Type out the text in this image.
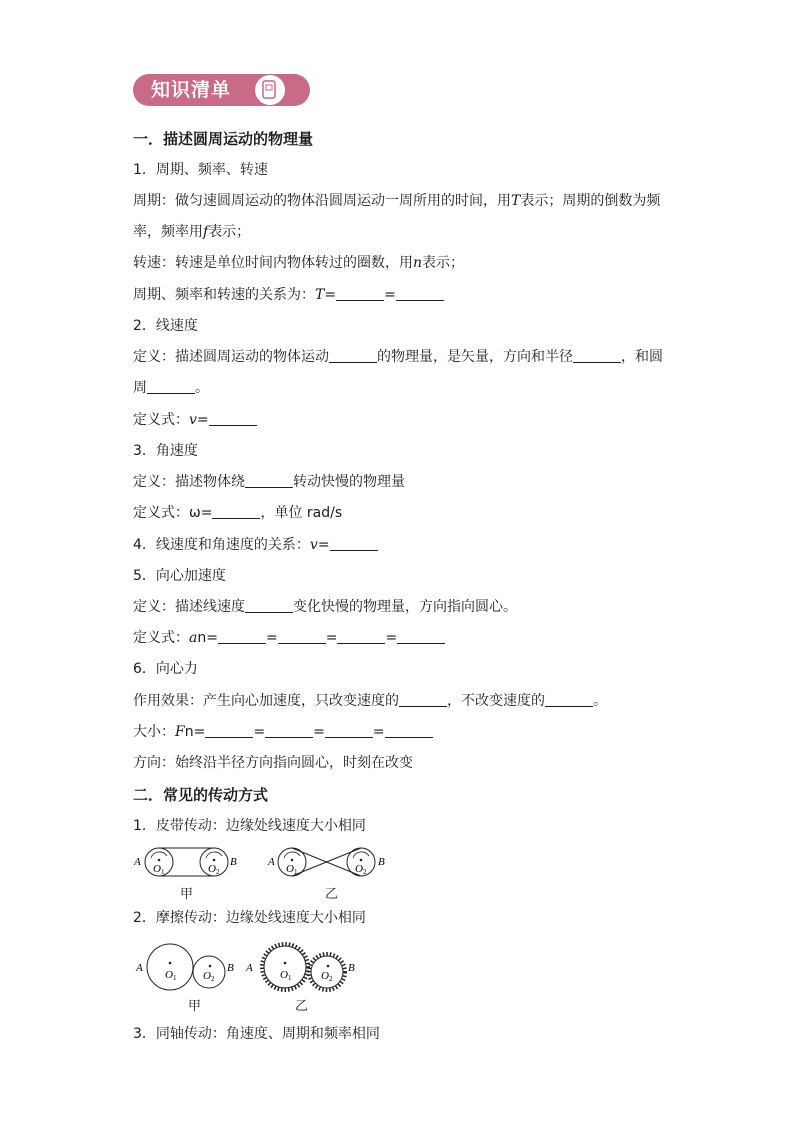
知识清单
一．描述圆周运动的物理量
1．周期、频率、转速
周期：做匀速圆周运动的物体沿圆周运动一周所用的时间，用T表示；周期的倒数为频
率，频率用f表示；
转速：转速是单位时间内物体转过的圈数，用n表示；
周期、频率和转速的关系为：T=	=
2．线速度
定义：描述圆周运动的物体运动	的物理量，是矢量，方向和半径	，和圆
周	。
定义式：v=
3．角速度
定义：描述物体绕	转动快慢的物理量
定义式：ω=	，单位 rad/s
4．线速度和角速度的关系：v=
5．向心加速度
定义：描述线速度	变化快慢的物理量，方向指向圆心。
定义式：an=	=	=	=
6．向心力
作用效果：产生向心加速度，只改变速度的	，不改变速度的	。
大小：Fn=	=	=	=
方向：始终沿半径方向指向圆心，时刻在改变
二．常见的传动方式
1．皮带传动：边缘处线速度大小相同
A	B
O 1	O 2
A	B
O 1	O 2
甲	乙
2．摩擦传动：边缘处线速度大小相同
A	B
O 1 O 2
A	B
O 1	O 2
甲	乙
3．同轴传动：角速度、周期和频率相同
